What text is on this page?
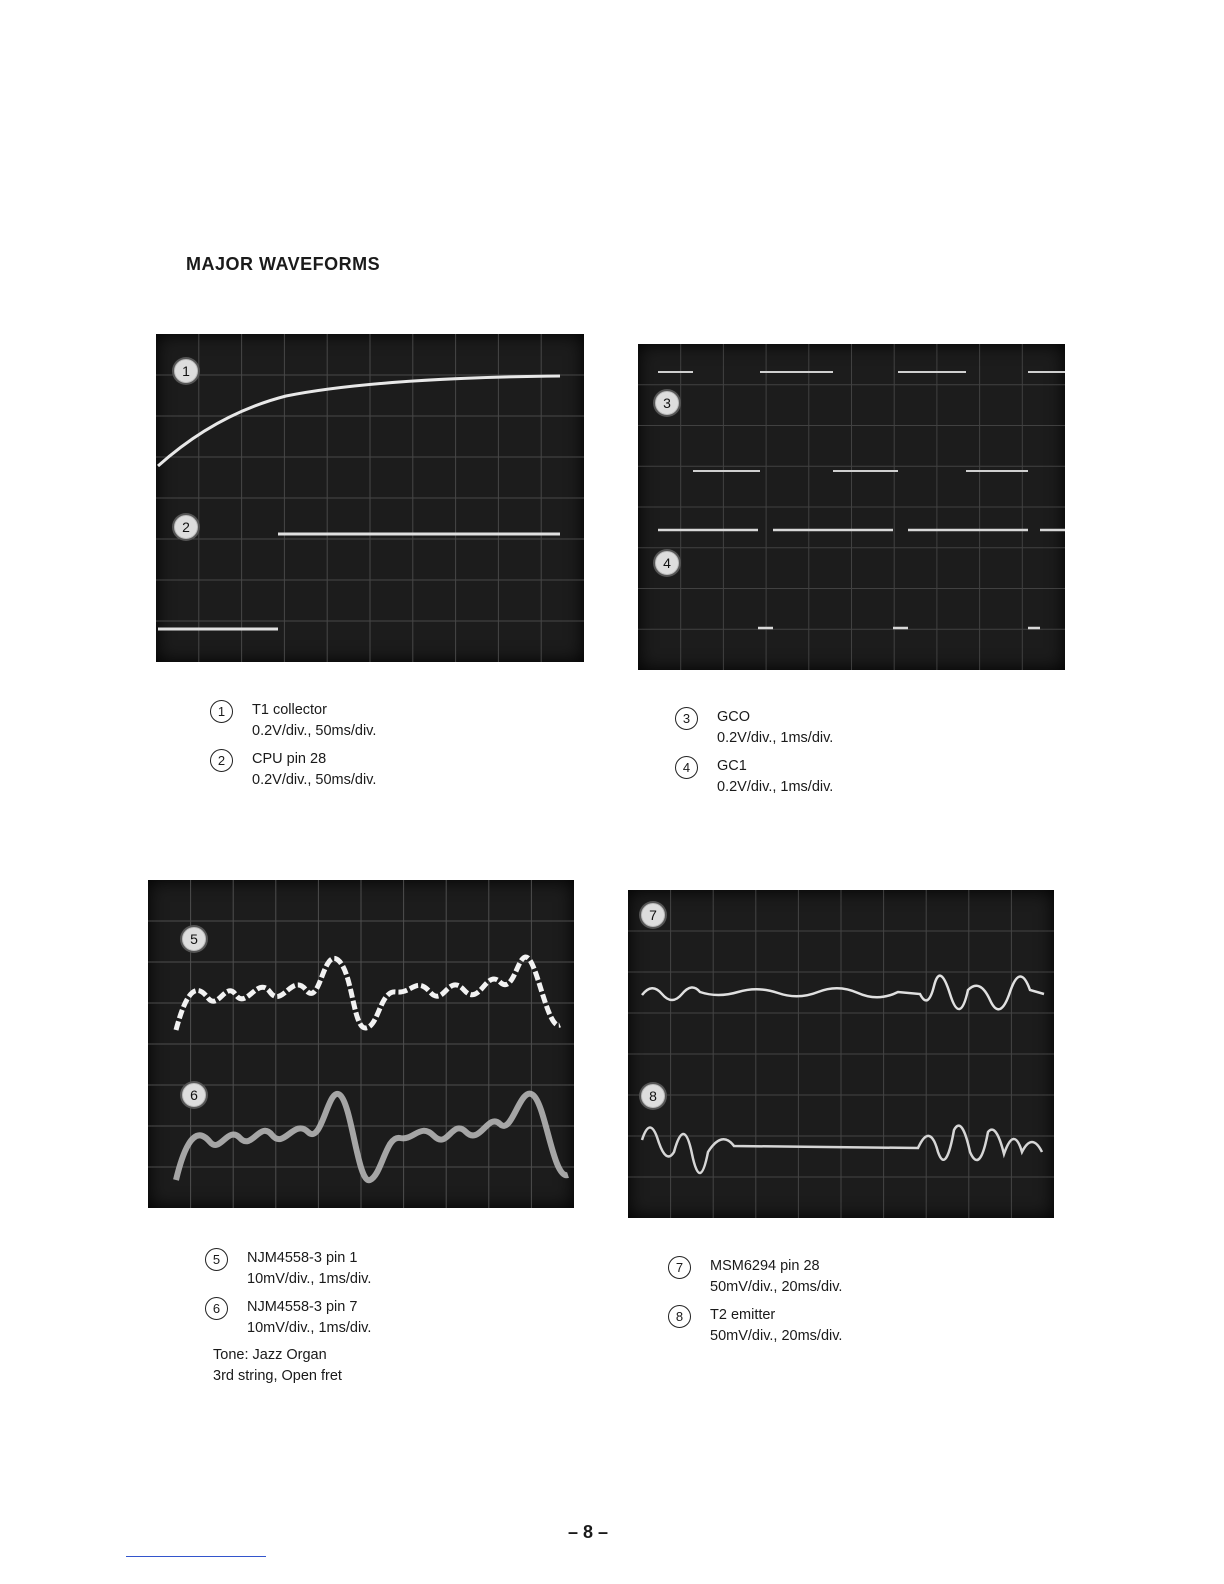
MAJOR WAVEFORMS
1
2
3
4
1	T1 collector
0.2V/div., 50ms/div.
2	CPU pin 28
0.2V/div., 50ms/div.
3	GCO
0.2V/div., 1ms/div.
4	GC1
0.2V/div., 1ms/div.
5
6
7
8
5	NJM4558-3 pin 1
10mV/div., 1ms/div.
6	NJM4558-3 pin 7
10mV/div., 1ms/div.
Tone: Jazz Organ
3rd string, Open fret
7	MSM6294 pin 28
50mV/div., 20ms/div.
8	T2 emitter
50mV/div., 20ms/div.
– 8 –
